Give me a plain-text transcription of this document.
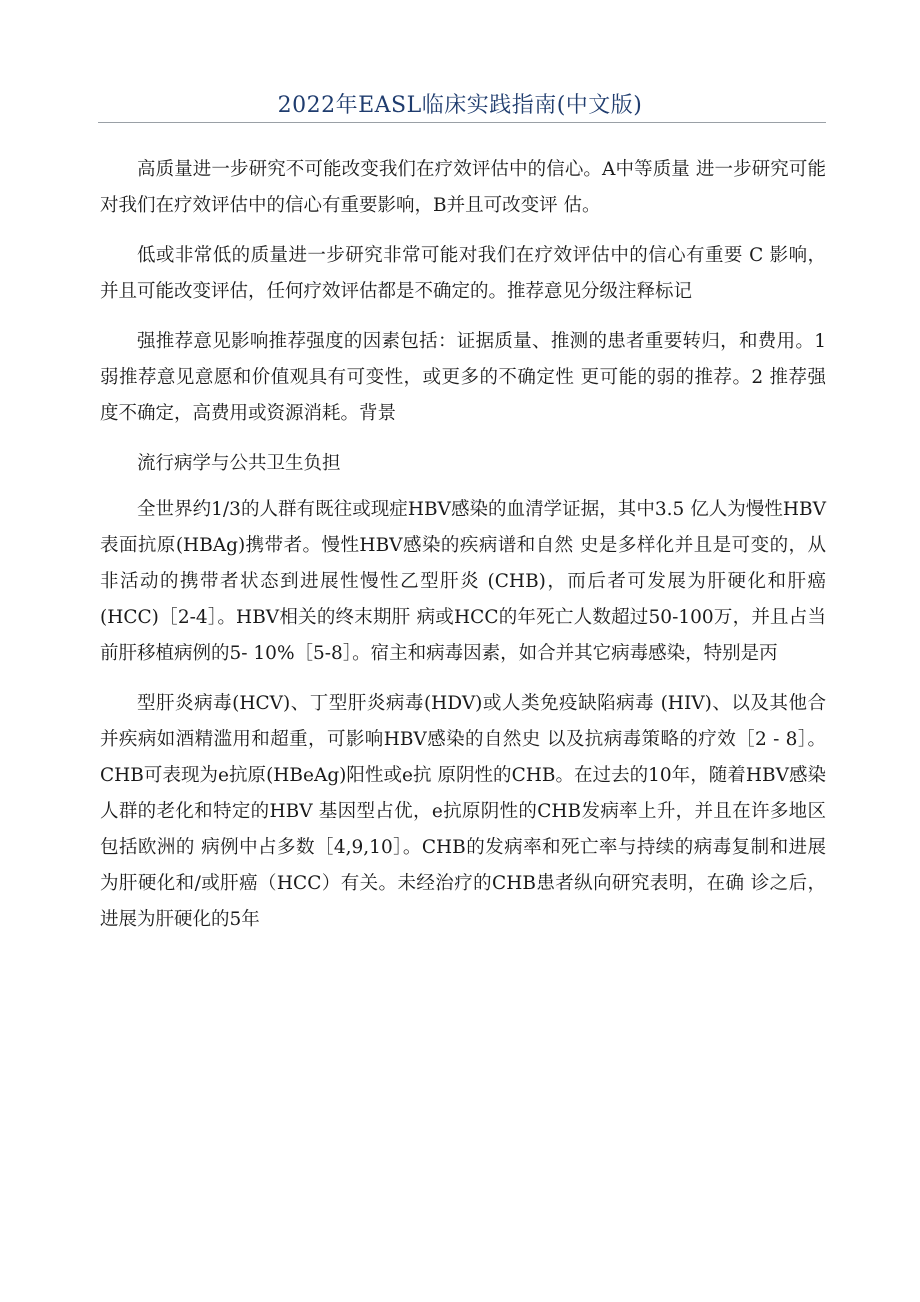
2022年EASL临床实践指南(中文版)

高质量进一步研究不可能改变我们在疗效评估中的信心。A中等质量 进一步研究可能对我们在疗效评估中的信心有重要影响，B并且可改变评 估。

低或非常低的质量进一步研究非常可能对我们在疗效评估中的信心有重要 C 影响，并且可能改变评估，任何疗效评估都是不确定的。推荐意见分级注释标记

强推荐意见影响推荐强度的因素包括：证据质量、推测的患者重要转归，和费用。1 弱推荐意见意愿和价值观具有可变性，或更多的不确定性 更可能的弱的推荐。2 推荐强度不确定，高费用或资源消耗。背景

流行病学与公共卫生负担

全世界约1/3的人群有既往或现症HBV感染的血清学证据，其中3.5 亿人为慢性HBV表面抗原(HBAg)携带者。慢性HBV感染的疾病谱和自然 史是多样化并且是可变的，从非活动的携带者状态到进展性慢性乙型肝炎 (CHB)，而后者可发展为肝硬化和肝癌(HCC)［2-4］。HBV相关的终末期肝 病或HCC的年死亡人数超过50-100万，并且占当前肝移植病例的5- 10%［5-8］。宿主和病毒因素，如合并其它病毒感染，特别是丙

型肝炎病毒(HCV)、丁型肝炎病毒(HDV)或人类免疫缺陷病毒 (HIV)、以及其他合并疾病如酒精滥用和超重，可影响HBV感染的自然史 以及抗病毒策略的疗效［2 - 8］。CHB可表现为e抗原(HBeAg)阳性或e抗 原阴性的CHB。在过去的10年，随着HBV感染人群的老化和特定的HBV 基因型占优，e抗原阴性的CHB发病率上升，并且在许多地区包括欧洲的 病例中占多数［4,9,10］。CHB的发病率和死亡率与持续的病毒复制和进展 为肝硬化和/或肝癌（HCC）有关。未经治疗的CHB患者纵向研究表明，在确 诊之后，进展为肝硬化的5年
